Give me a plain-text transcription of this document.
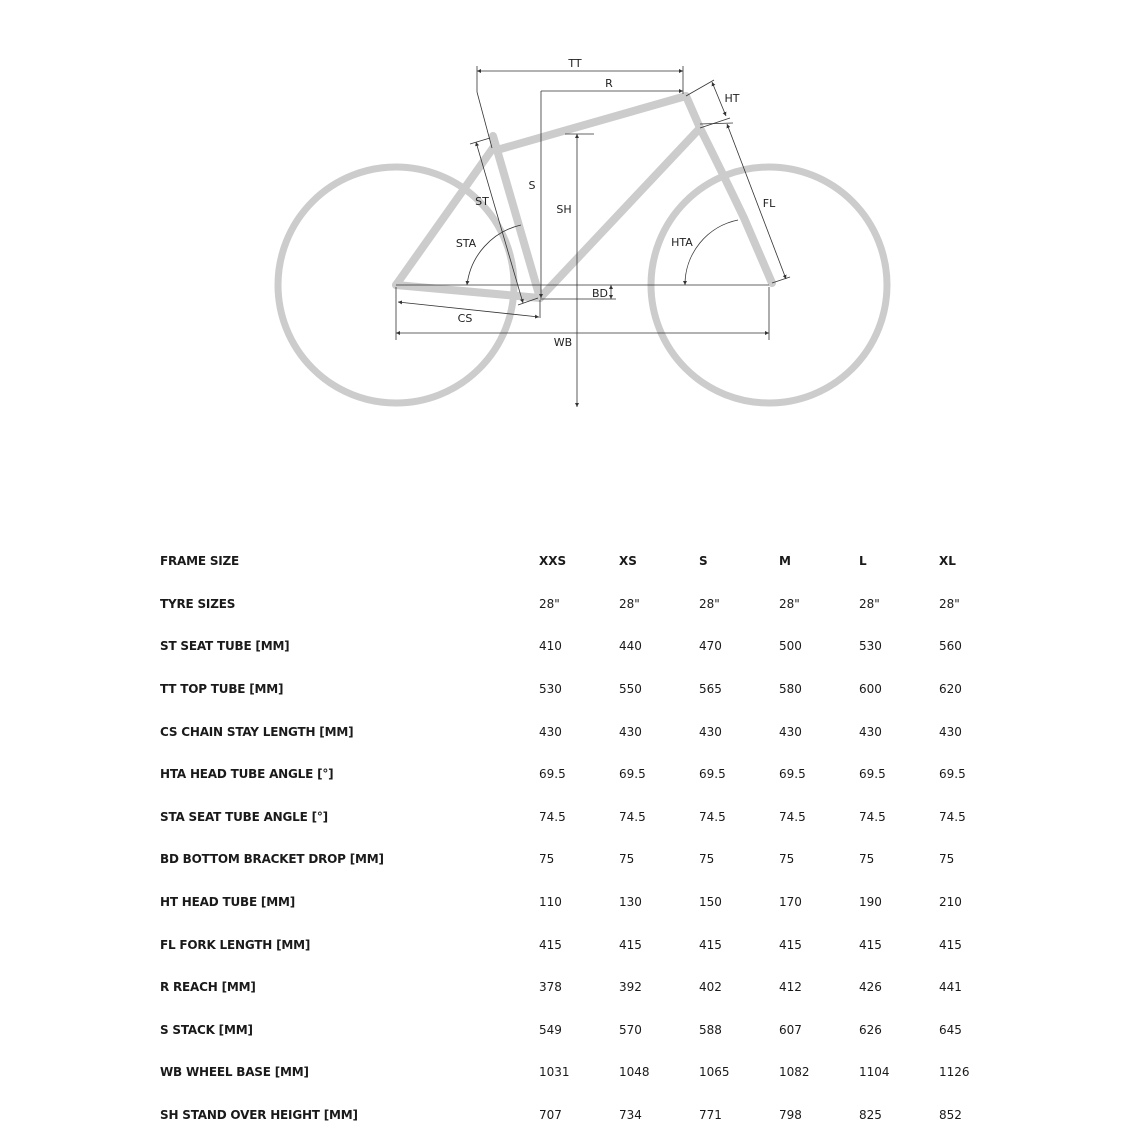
TT
R
HT
S
SH
ST
STA	HTA
FL
BD
CS
WB
FRAME SIZE	XXS	XS	S	M	L	XL
TYRE SIZES	28"	28"	28"	28"	28"	28"
ST SEAT TUBE [MM]	410	440	470	500	530	560
TT TOP TUBE [MM]	530	550	565	580	600	620
CS CHAIN STAY LENGTH [MM]	430	430	430	430	430	430
HTA HEAD TUBE ANGLE [°]	69.5	69.5	69.5	69.5	69.5	69.5
STA SEAT TUBE ANGLE [°]	74.5	74.5	74.5	74.5	74.5	74.5
BD BOTTOM BRACKET DROP [MM]	75	75	75	75	75	75
HT HEAD TUBE [MM]	110	130	150	170	190	210
FL FORK LENGTH [MM]	415	415	415	415	415	415
R REACH [MM]	378	392	402	412	426	441
S STACK [MM]	549	570	588	607	626	645
WB WHEEL BASE [MM]	1031	1048	1065	1082	1104	1126
SH STAND OVER HEIGHT [MM]	707	734	771	798	825	852
